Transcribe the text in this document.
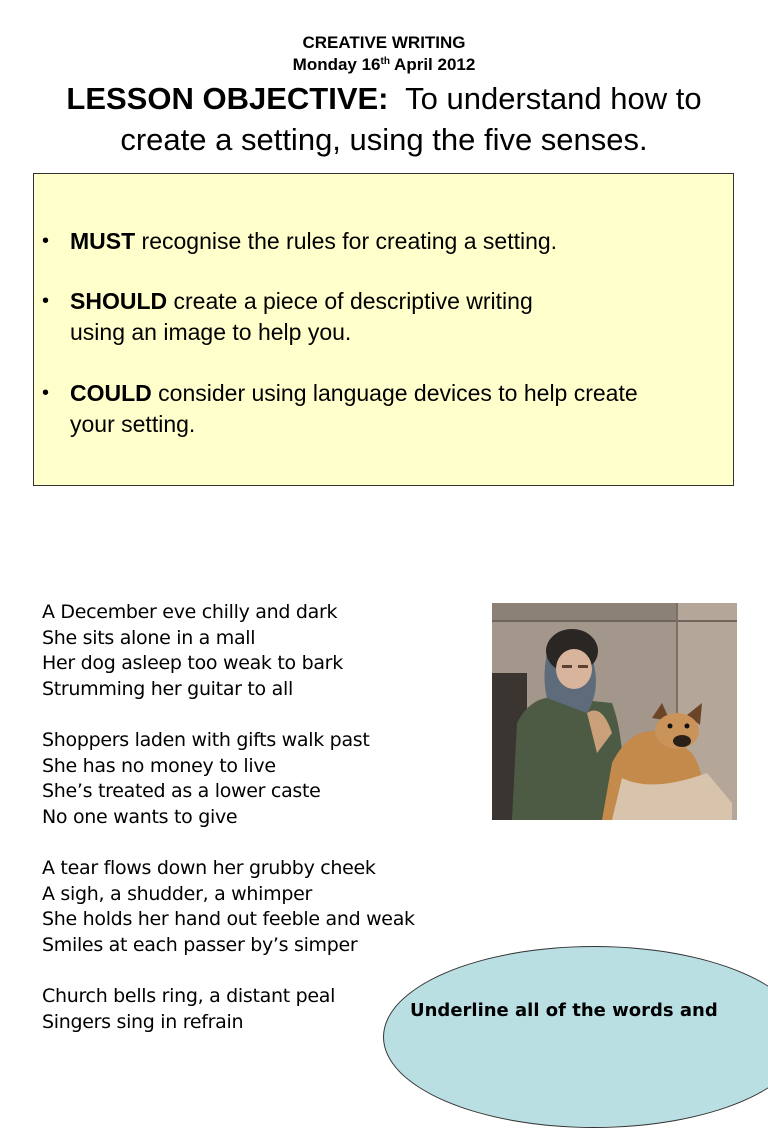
CREATIVE WRITING
Monday 16th April 2012
LESSON OBJECTIVE: To understand how to create a setting, using the five senses.
• MUST recognise the rules for creating a setting.
• SHOULD create a piece of descriptive writing
using an image to help you.
• COULD consider using language devices to help create
your setting.
A December eve chilly and dark
She sits alone in a mall
Her dog asleep too weak to bark
Strumming her guitar to all
Shoppers laden with gifts walk past
She has no money to live
She’s treated as a lower caste
No one wants to give
A tear flows down her grubby cheek
A sigh, a shudder, a whimper
She holds her hand out feeble and weak
Smiles at each passer by’s simper
Church bells ring, a distant peal
Singers sing in refrain	Underline all of the words and
